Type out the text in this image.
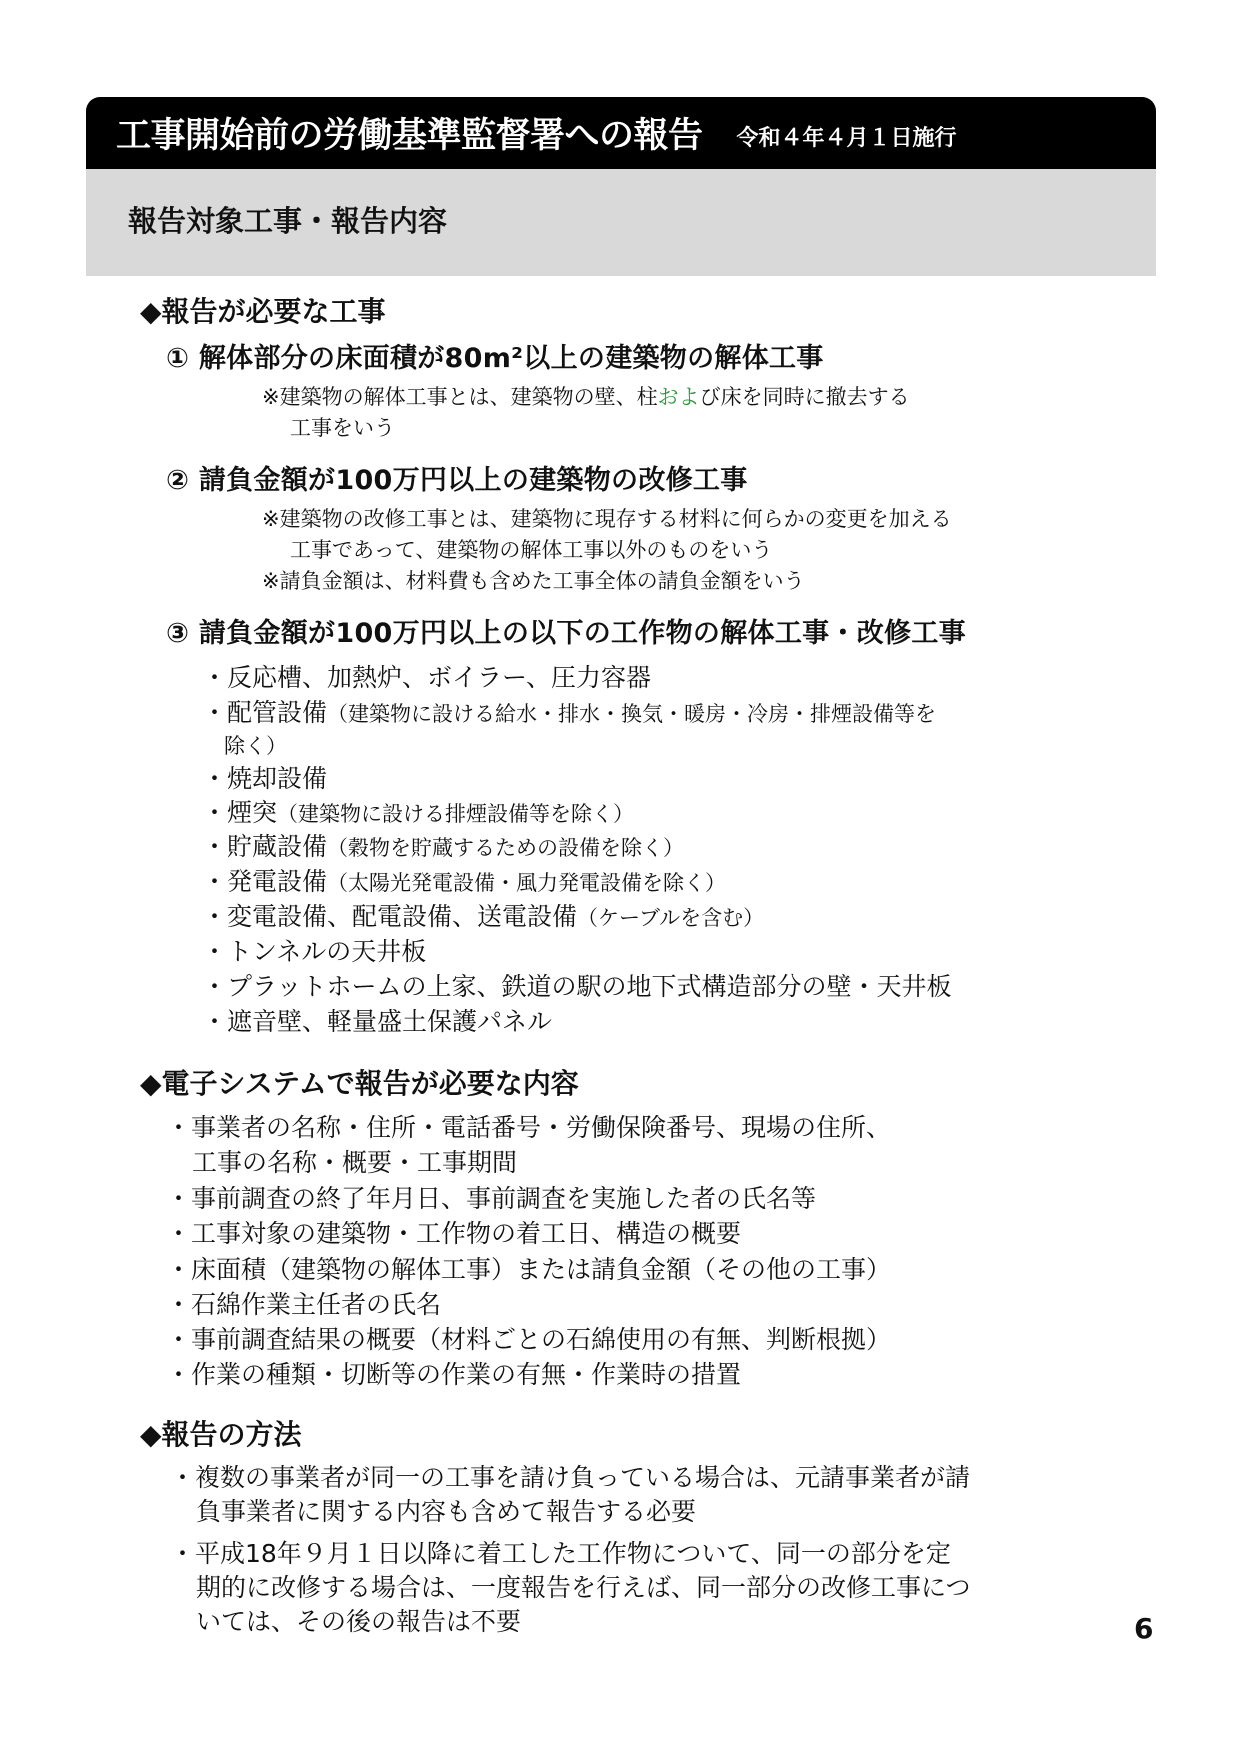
工事開始前の労働基準監督署への報告 令和４年４月１日施行
報告対象工事・報告内容
◆報告が必要な工事
① 解体部分の床面積が80m²以上の建築物の解体工事
※建築物の解体工事とは、建築物の壁、柱および床を同時に撤去する
工事をいう
② 請負金額が100万円以上の建築物の改修工事
※建築物の改修工事とは、建築物に現存する材料に何らかの変更を加える
工事であって、建築物の解体工事以外のものをいう
※請負金額は、材料費も含めた工事全体の請負金額をいう
③ 請負金額が100万円以上の以下の工作物の解体工事・改修工事
・反応槽、加熱炉、ボイラー、圧力容器
・配管設備（建築物に設ける給水・排水・換気・暖房・冷房・排煙設備等を
除く）
・焼却設備
・煙突（建築物に設ける排煙設備等を除く）
・貯蔵設備（穀物を貯蔵するための設備を除く）
・発電設備（太陽光発電設備・風力発電設備を除く）
・変電設備、配電設備、送電設備（ケーブルを含む）
・トンネルの天井板
・プラットホームの上家、鉄道の駅の地下式構造部分の壁・天井板
・遮音壁、軽量盛土保護パネル
◆電子システムで報告が必要な内容
・事業者の名称・住所・電話番号・労働保険番号、現場の住所、
工事の名称・概要・工事期間
・事前調査の終了年月日、事前調査を実施した者の氏名等
・工事対象の建築物・工作物の着工日、構造の概要
・床面積（建築物の解体工事）または請負金額（その他の工事）
・石綿作業主任者の氏名
・事前調査結果の概要（材料ごとの石綿使用の有無、判断根拠）
・作業の種類・切断等の作業の有無・作業時の措置
◆報告の方法
・複数の事業者が同一の工事を請け負っている場合は、元請事業者が請
負事業者に関する内容も含めて報告する必要
・平成18年９月１日以降に着工した工作物について、同一の部分を定
期的に改修する場合は、一度報告を行えば、同一部分の改修工事につ
いては、その後の報告は不要	6
